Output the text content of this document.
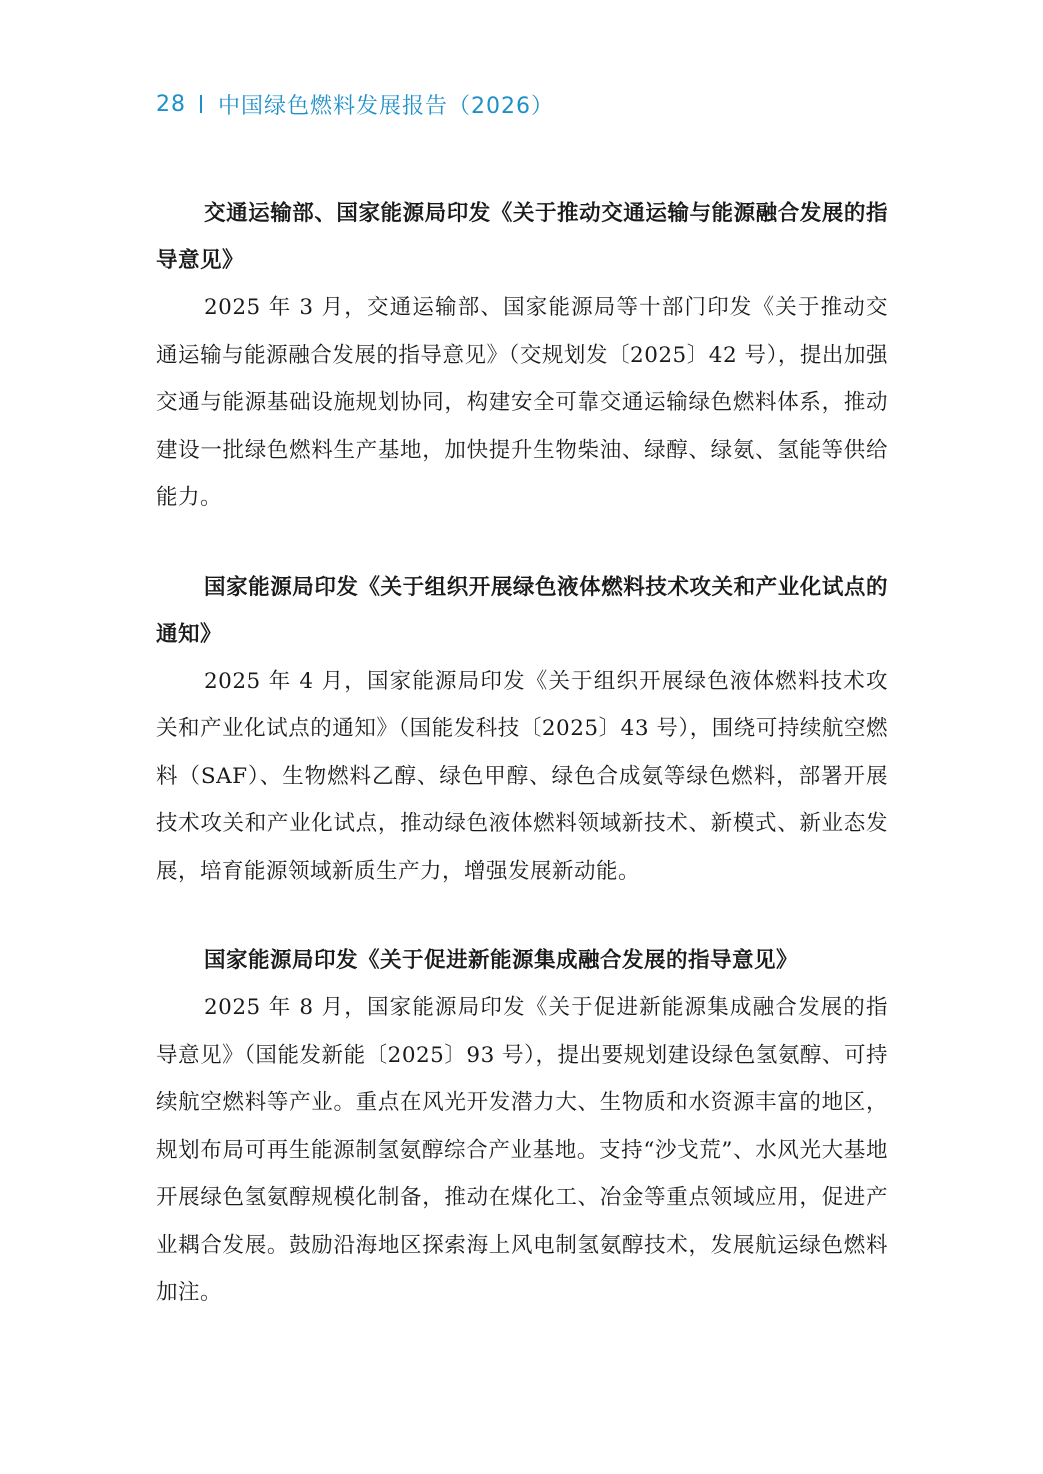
28 中国绿色燃料发展报告（2026）

交通运输部、国家能源局印发《关于推动交通运输与能源融合发展的指导意见》

2025 年 3 月，交通运输部、国家能源局等十部门印发《关于推动交通运输与能源融合发展的指导意见》（交规划发〔2025〕42 号），提出加强交通与能源基础设施规划协同，构建安全可靠交通运输绿色燃料体系，推动建设一批绿色燃料生产基地，加快提升生物柴油、绿醇、绿氨、氢能等供给能力。

国家能源局印发《关于组织开展绿色液体燃料技术攻关和产业化试点的通知》

2025 年 4 月，国家能源局印发《关于组织开展绿色液体燃料技术攻关和产业化试点的通知》（国能发科技〔2025〕43 号），围绕可持续航空燃料（SAF）、生物燃料乙醇、绿色甲醇、绿色合成氨等绿色燃料，部署开展技术攻关和产业化试点，推动绿色液体燃料领域新技术、新模式、新业态发展，培育能源领域新质生产力，增强发展新动能。

国家能源局印发《关于促进新能源集成融合发展的指导意见》

2025 年 8 月，国家能源局印发《关于促进新能源集成融合发展的指导意见》（国能发新能〔2025〕93 号），提出要规划建设绿色氢氨醇、可持续航空燃料等产业。重点在风光开发潜力大、生物质和水资源丰富的地区，规划布局可再生能源制氢氨醇综合产业基地。支持“沙戈荒”、水风光大基地开展绿色氢氨醇规模化制备，推动在煤化工、冶金等重点领域应用，促进产业耦合发展。鼓励沿海地区探索海上风电制氢氨醇技术，发展航运绿色燃料加注。
